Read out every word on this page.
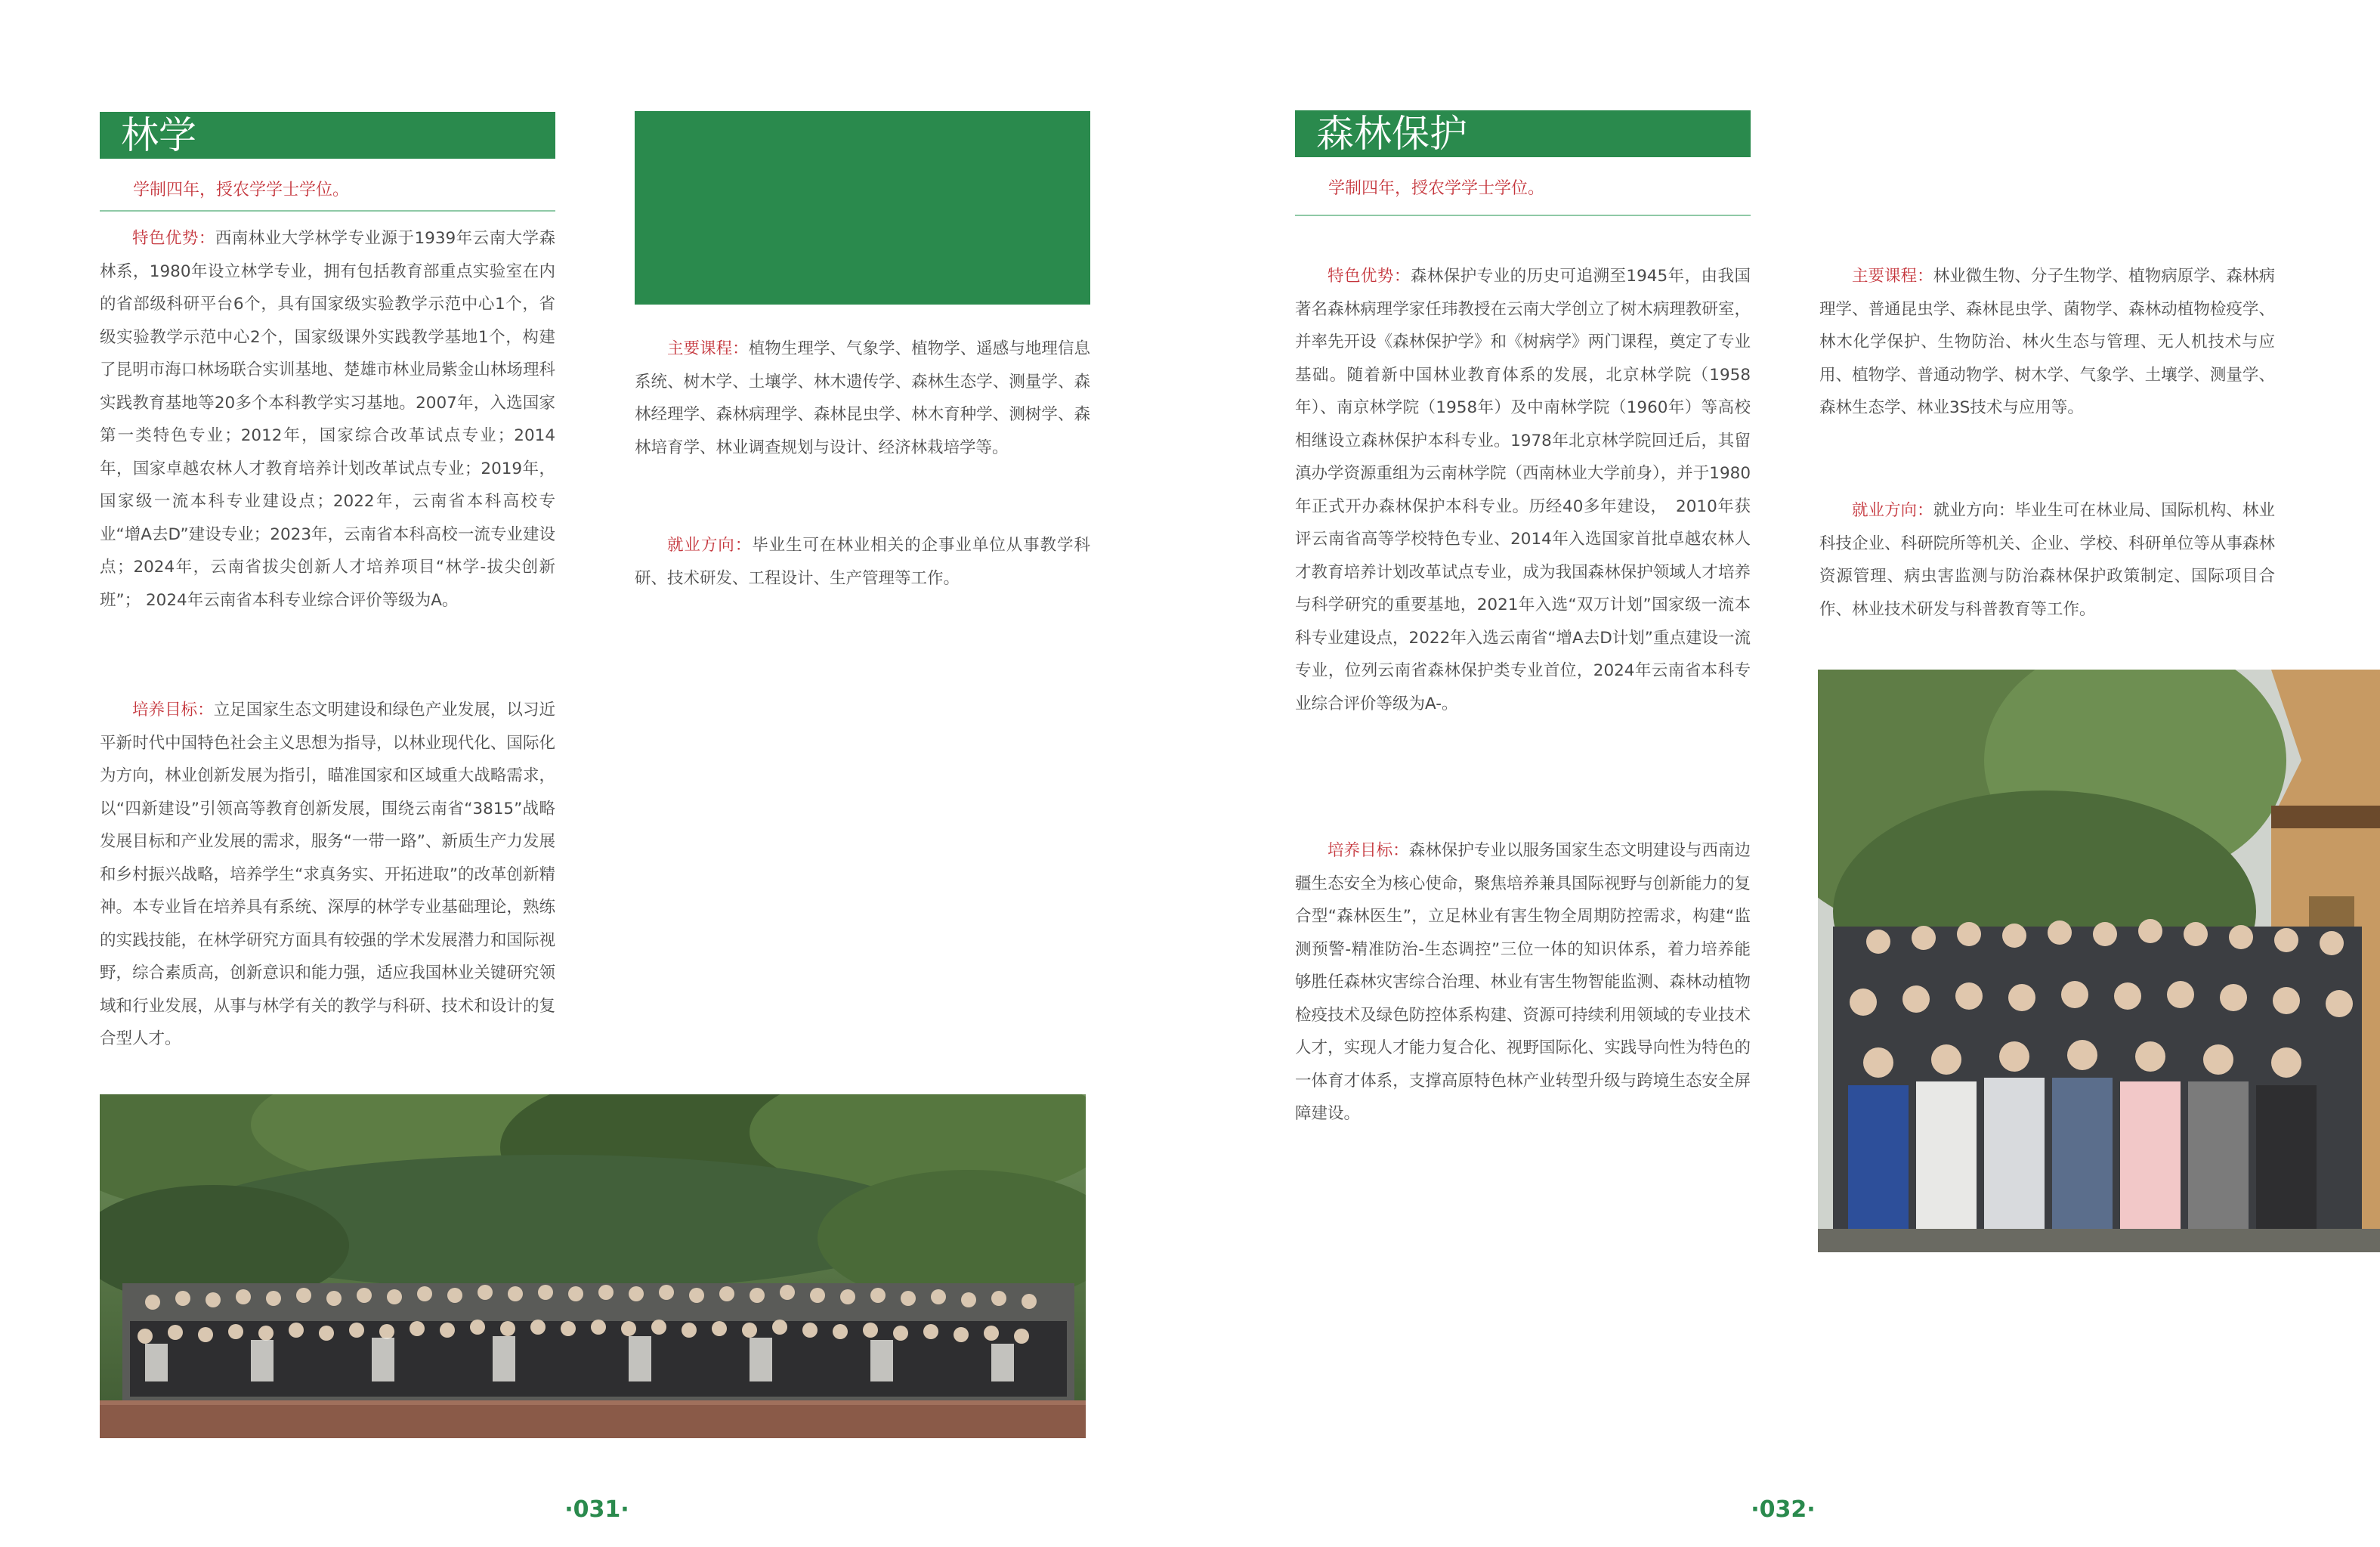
林学
学制四年，授农学学士学位。

特色优势：西南林业大学林学专业源于1939年云南大学森林系，1980年设立林学专业，拥有包括教育部重点实验室在内的省部级科研平台6个，具有国家级实验教学示范中心1个，省级实验教学示范中心2个，国家级课外实践教学基地1个，构建了昆明市海口林场联合实训基地、楚雄市林业局紫金山林场理科实践教育基地等20多个本科教学实习基地。2007年，入选国家第一类特色专业；2012年，国家综合改革试点专业；2014年，国家卓越农林人才教育培养计划改革试点专业；2019年，国家级一流本科专业建设点；2022年，云南省本科高校专业“增A去D”建设专业；2023年，云南省本科高校一流专业建设点；2024年，云南省拔尖创新人才培养项目“林学-拔尖创新班”； 2024年云南省本科专业综合评价等级为A。

培养目标：立足国家生态文明建设和绿色产业发展，以习近平新时代中国特色社会主义思想为指导，以林业现代化、国际化为方向，林业创新发展为指引，瞄准国家和区域重大战略需求，以“四新建设”引领高等教育创新发展，围绕云南省“3815”战略发展目标和产业发展的需求，服务“一带一路”、新质生产力发展和乡村振兴战略，培养学生“求真务实、开拓进取”的改革创新精神。本专业旨在培养具有系统、深厚的林学专业基础理论，熟练的实践技能，在林学研究方面具有较强的学术发展潜力和国际视野，综合素质高，创新意识和能力强，适应我国林业关键研究领域和行业发展，从事与林学有关的教学与科研、技术和设计的复合型人才。

主要课程：植物生理学、气象学、植物学、遥感与地理信息系统、树木学、土壤学、林木遗传学、森林生态学、测量学、森林经理学、森林病理学、森林昆虫学、林木育种学、测树学、森林培育学、林业调查规划与设计、经济林栽培学等。

就业方向：毕业生可在林业相关的企事业单位从事教学科研、技术研发、工程设计、生产管理等工作。

·031·
森林保护
学制四年，授农学学士学位。

特色优势：森林保护专业的历史可追溯至1945年，由我国著名森林病理学家任玮教授在云南大学创立了树木病理教研室，并率先开设《森林保护学》和《树病学》两门课程，奠定了专业基础。随着新中国林业教育体系的发展，北京林学院（1958年）、南京林学院（1958年）及中南林学院（1960年）等高校相继设立森林保护本科专业。1978年北京林学院回迁后，其留滇办学资源重组为云南林学院（西南林业大学前身），并于1980年正式开办森林保护本科专业。历经40多年建设，　2010年获评云南省高等学校特色专业、2014年入选国家首批卓越农林人才教育培养计划改革试点专业，成为我国森林保护领域人才培养与科学研究的重要基地，2021年入选“双万计划”国家级一流本科专业建设点，2022年入选云南省“增A去D计划”重点建设一流专业，位列云南省森林保护类专业首位，2024年云南省本科专业综合评价等级为A-。

培养目标：森林保护专业以服务国家生态文明建设与西南边疆生态安全为核心使命，聚焦培养兼具国际视野与创新能力的复合型“森林医生”，立足林业有害生物全周期防控需求，构建“监测预警-精准防治-生态调控”三位一体的知识体系，着力培养能够胜任森林灾害综合治理、林业有害生物智能监测、森林动植物检疫技术及绿色防控体系构建、资源可持续利用领域的专业技术人才，实现人才能力复合化、视野国际化、实践导向性为特色的一体育才体系，支撑高原特色林产业转型升级与跨境生态安全屏障建设。

主要课程：林业微生物、分子生物学、植物病原学、森林病理学、普通昆虫学、森林昆虫学、菌物学、森林动植物检疫学、林木化学保护、生物防治、林火生态与管理、无人机技术与应用、植物学、普通动物学、树木学、气象学、土壤学、测量学、森林生态学、林业3S技术与应用等。

就业方向：就业方向：毕业生可在林业局、国际机构、林业科技企业、科研院所等机关、企业、学校、科研单位等从事森林资源管理、病虫害监测与防治森林保护政策制定、国际项目合作、林业技术研发与科普教育等工作。

·032·
